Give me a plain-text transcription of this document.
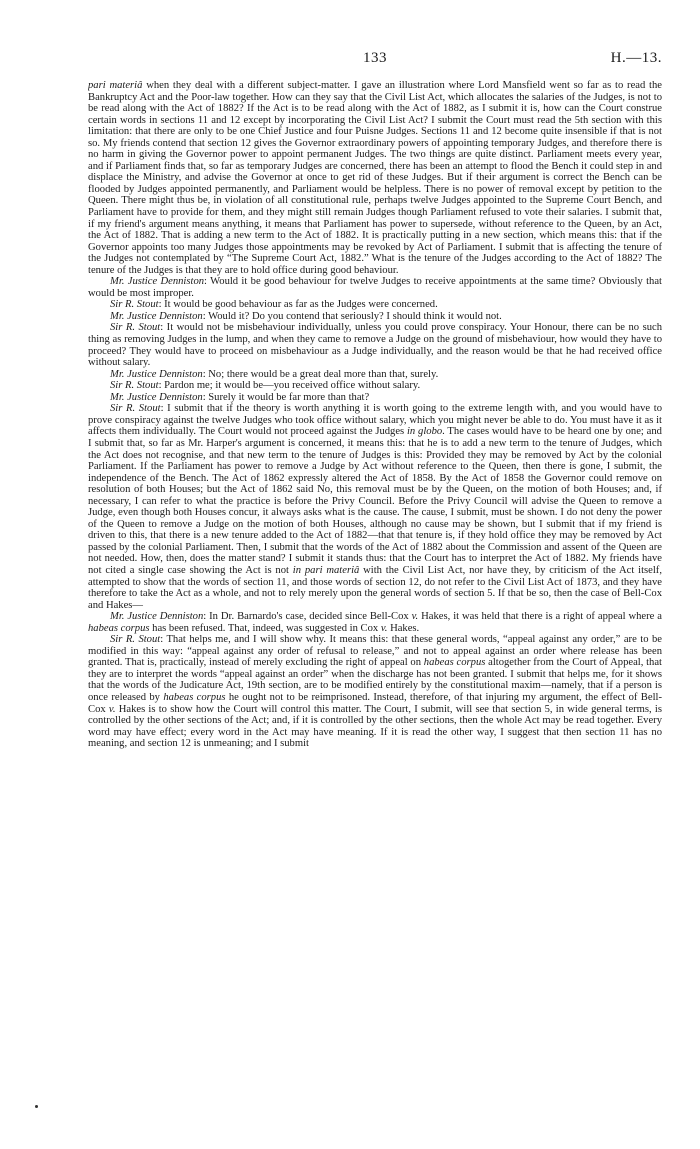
133	H.—13.

pari materiâ when they deal with a different subject-matter. I gave an illustration where Lord Mansfield went so far as to read the Bankruptcy Act and the Poor-law together. How can they say that the Civil List Act, which allocates the salaries of the Judges, is not to be read along with the Act of 1882? If the Act is to be read along with the Act of 1882, as I submit it is, how can the Court construe certain words in sections 11 and 12 except by incorporating the Civil List Act? I submit the Court must read the 5th section with this limitation: that there are only to be one Chief Justice and four Puisne Judges. Sections 11 and 12 become quite insensible if that is not so. My friends contend that section 12 gives the Governor extraordinary powers of appointing temporary Judges, and therefore there is no harm in giving the Governor power to appoint permanent Judges. The two things are quite distinct. Parliament meets every year, and if Parliament finds that, so far as temporary Judges are concerned, there has been an attempt to flood the Bench it could step in and displace the Ministry, and advise the Governor at once to get rid of these Judges. But if their argument is correct the Bench can be flooded by Judges appointed permanently, and Parliament would be helpless. There is no power of removal except by petition to the Queen. There might thus be, in violation of all constitutional rule, perhaps twelve Judges appointed to the Supreme Court Bench, and Parliament have to provide for them, and they might still remain Judges though Parliament refused to vote their salaries. I submit that, if my friend's argument means anything, it means that Parliament has power to supersede, without reference to the Queen, by an Act, the Act of 1882. That is adding a new term to the Act of 1882. It is practically putting in a new section, which means this: that if the Governor appoints too many Judges those appointments may be revoked by Act of Parliament. I submit that is affecting the tenure of the Judges not contemplated by “The Supreme Court Act, 1882.” What is the tenure of the Judges according to the Act of 1882? The tenure of the Judges is that they are to hold office during good behaviour.

Mr. Justice Denniston: Would it be good behaviour for twelve Judges to receive appointments at the same time? Obviously that would be most improper.

Sir R. Stout: It would be good behaviour as far as the Judges were concerned.

Mr. Justice Denniston: Would it? Do you contend that seriously? I should think it would not.

Sir R. Stout: It would not be misbehaviour individually, unless you could prove conspiracy. Your Honour, there can be no such thing as removing Judges in the lump, and when they came to remove a Judge on the ground of misbehaviour, how would they have to proceed? They would have to proceed on misbehaviour as a Judge individually, and the reason would be that he had received office without salary.

Mr. Justice Denniston: No; there would be a great deal more than that, surely.

Sir R. Stout: Pardon me; it would be—you received office without salary.

Mr. Justice Denniston: Surely it would be far more than that?

Sir R. Stout: I submit that if the theory is worth anything it is worth going to the extreme length with, and you would have to prove conspiracy against the twelve Judges who took office without salary, which you might never be able to do. You must have it as it affects them individually. The Court would not proceed against the Judges in globo. The cases would have to be heard one by one; and I submit that, so far as Mr. Harper's argument is concerned, it means this: that he is to add a new term to the tenure of Judges, which the Act does not recognise, and that new term to the tenure of Judges is this: Provided they may be removed by Act by the colonial Parliament. If the Parliament has power to remove a Judge by Act without reference to the Queen, then there is gone, I submit, the independence of the Bench. The Act of 1862 expressly altered the Act of 1858. By the Act of 1858 the Governor could remove on resolution of both Houses; but the Act of 1862 said No, this removal must be by the Queen, on the motion of both Houses; and, if necessary, I can refer to what the practice is before the Privy Council. Before the Privy Council will advise the Queen to remove a Judge, even though both Houses concur, it always asks what is the cause. The cause, I submit, must be shown. I do not deny the power of the Queen to remove a Judge on the motion of both Houses, although no cause may be shown, but I submit that if my friend is driven to this, that there is a new tenure added to the Act of 1882—that that tenure is, if they hold office they may be removed by Act passed by the colonial Parliament. Then, I submit that the words of the Act of 1882 about the Commission and assent of the Queen are not needed. How, then, does the matter stand? I submit it stands thus: that the Court has to interpret the Act of 1882. My friends have not cited a single case showing the Act is not in pari materiâ with the Civil List Act, nor have they, by criticism of the Act itself, attempted to show that the words of section 11, and those words of section 12, do not refer to the Civil List Act of 1873, and they have therefore to take the Act as a whole, and not to rely merely upon the general words of section 5. If that be so, then the case of Bell-Cox and Hakes—

Mr. Justice Denniston: In Dr. Barnardo's case, decided since Bell-Cox v. Hakes, it was held that there is a right of appeal where a habeas corpus has been refused. That, indeed, was suggested in Cox v. Hakes.

Sir R. Stout: That helps me, and I will show why. It means this: that these general words, “appeal against any order,” are to be modified in this way: “appeal against any order of refusal to release,” and not to appeal against an order where release has been granted. That is, practically, instead of merely excluding the right of appeal on habeas corpus altogether from the Court of Appeal, that they are to interpret the words “appeal against an order” when the discharge has not been granted. I submit that helps me, for it shows that the words of the Judicature Act, 19th section, are to be modified entirely by the constitutional maxim—namely, that if a person is once released by habeas corpus he ought not to be reimprisoned. Instead, therefore, of that injuring my argument, the effect of Bell-Cox v. Hakes is to show how the Court will control this matter. The Court, I submit, will see that section 5, in wide general terms, is controlled by the other sections of the Act; and, if it is controlled by the other sections, then the whole Act may be read together. Every word may have effect; every word in the Act may have meaning. If it is read the other way, I suggest that then section 11 has no meaning, and section 12 is unmeaning; and I submit
